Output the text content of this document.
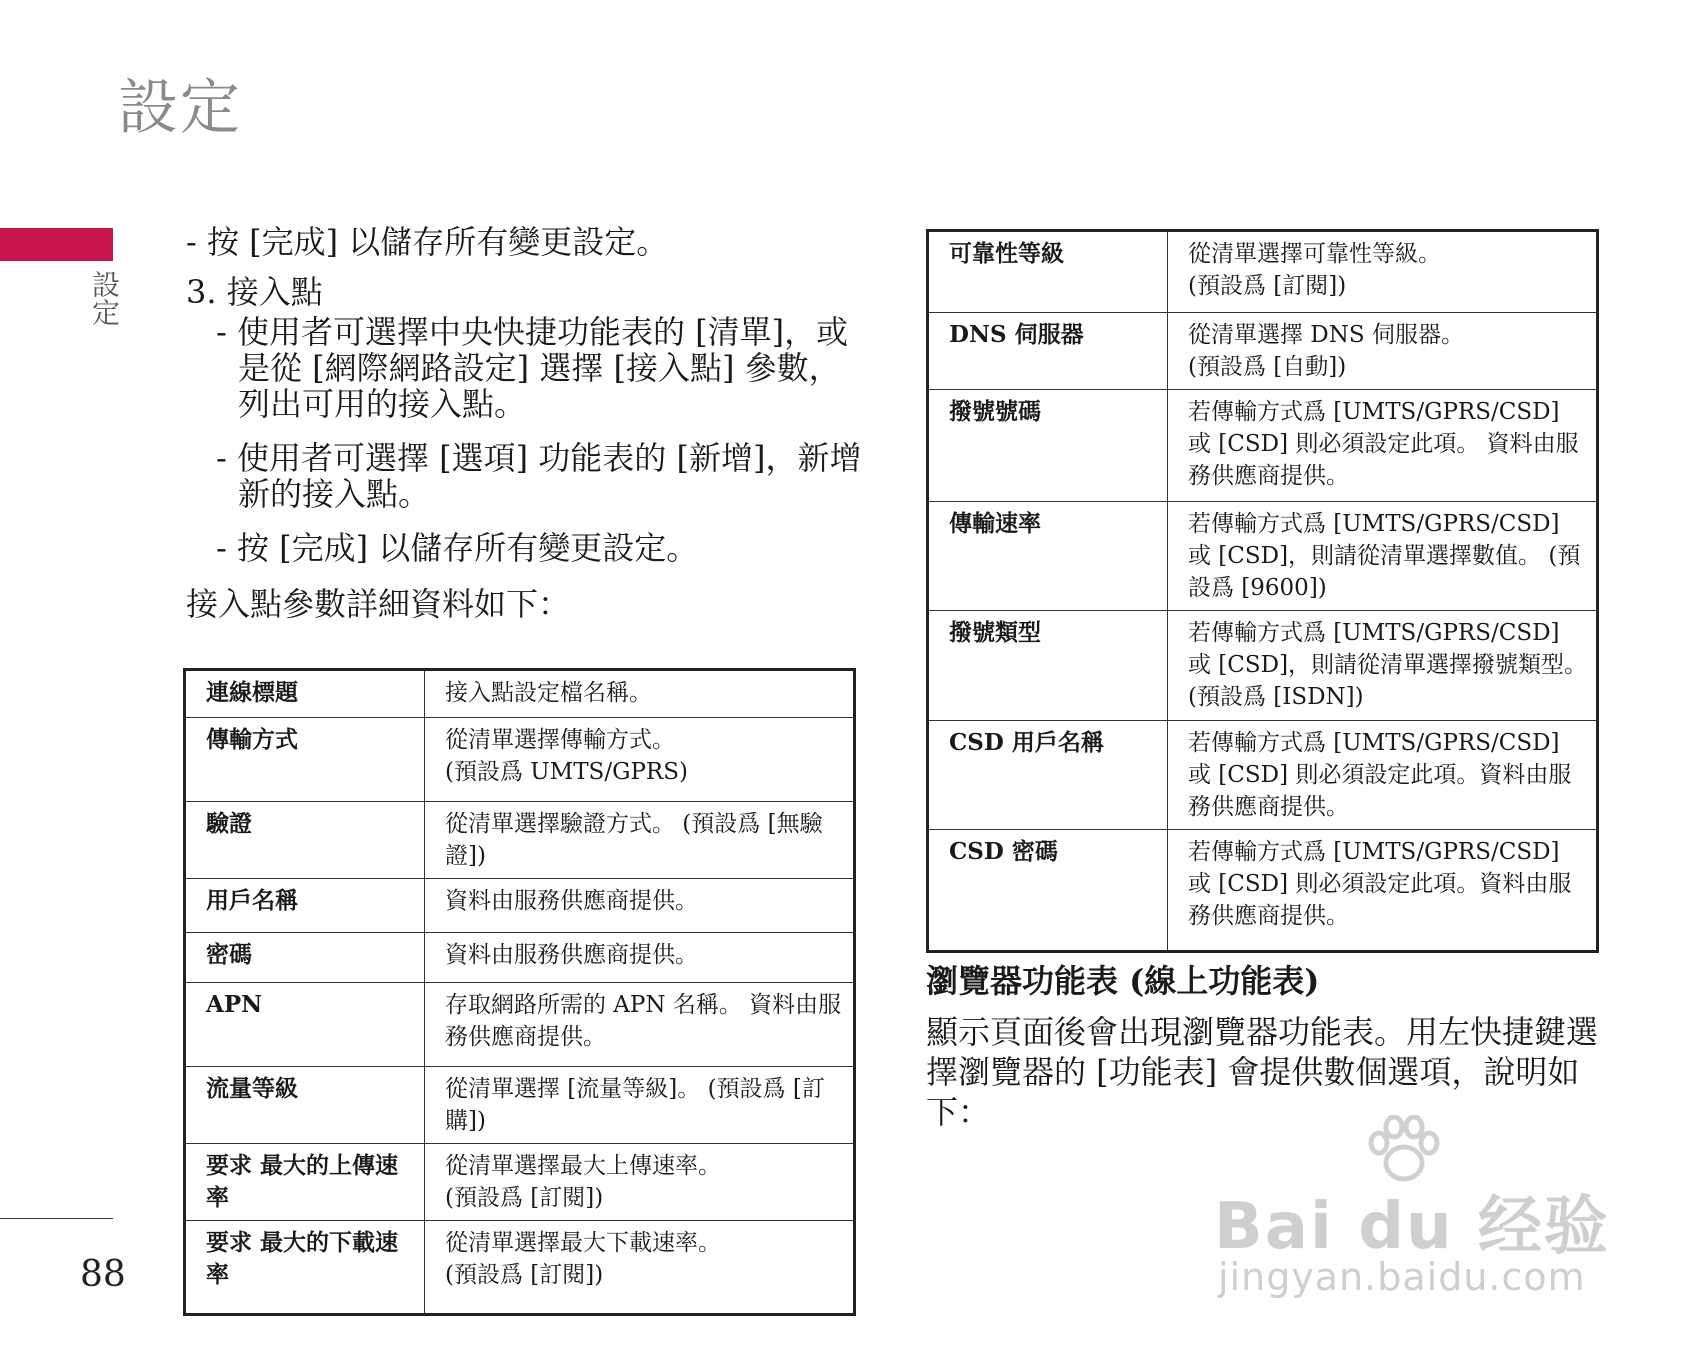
設定
設定
88

- 按 [完成] 以儲存所有變更設定。

3. 接入點

- 使用者可選擇中央快捷功能表的 [清單]，或是從 [網際網路設定] 選擇 [接入點] 參數，列出可用的接入點。

- 使用者可選擇 [選項] 功能表的 [新增]，新增新的接入點。

- 按 [完成] 以儲存所有變更設定。

接入點參數詳細資料如下：

連線標題	接入點設定檔名稱。
傳輸方式	從清單選擇傳輸方式。
(預設爲 UMTS/GPRS)
驗證	從清單選擇驗證方式。 (預設爲 [無驗證])
用戶名稱	資料由服務供應商提供。
密碼	資料由服務供應商提供。
APN	存取網路所需的 APN 名稱。 資料由服務供應商提供。
流量等級	從清單選擇 [流量等級]。 (預設爲 [訂購])
要求 最大的上傳速率	從清單選擇最大上傳速率。
(預設爲 [訂閱])
要求 最大的下載速率	從清單選擇最大下載速率。
(預設爲 [訂閱])
可靠性等級	從清單選擇可靠性等級。
(預設爲 [訂閱])
DNS 伺服器	從清單選擇 DNS 伺服器。
(預設爲 [自動])
撥號號碼	若傳輸方式爲 [UMTS/GPRS/CSD] 或 [CSD] 則必須設定此項。 資料由服務供應商提供。
傳輸速率	若傳輸方式爲 [UMTS/GPRS/CSD] 或 [CSD]，則請從清單選擇數值。 (預設爲 [9600])
撥號類型	若傳輸方式爲 [UMTS/GPRS/CSD] 或 [CSD]，則請從清單選擇撥號類型。 (預設爲 [ISDN])
CSD 用戶名稱	若傳輸方式爲 [UMTS/GPRS/CSD] 或 [CSD] 則必須設定此項。資料由服務供應商提供。
CSD 密碼	若傳輸方式爲 [UMTS/GPRS/CSD] 或 [CSD] 則必須設定此項。資料由服務供應商提供。

瀏覽器功能表 (線上功能表)

顯示頁面後會出現瀏覽器功能表。用左快捷鍵選擇瀏覽器的 [功能表] 會提供數個選項，說明如下：

Bai du 经验
jingyan.baidu.com
